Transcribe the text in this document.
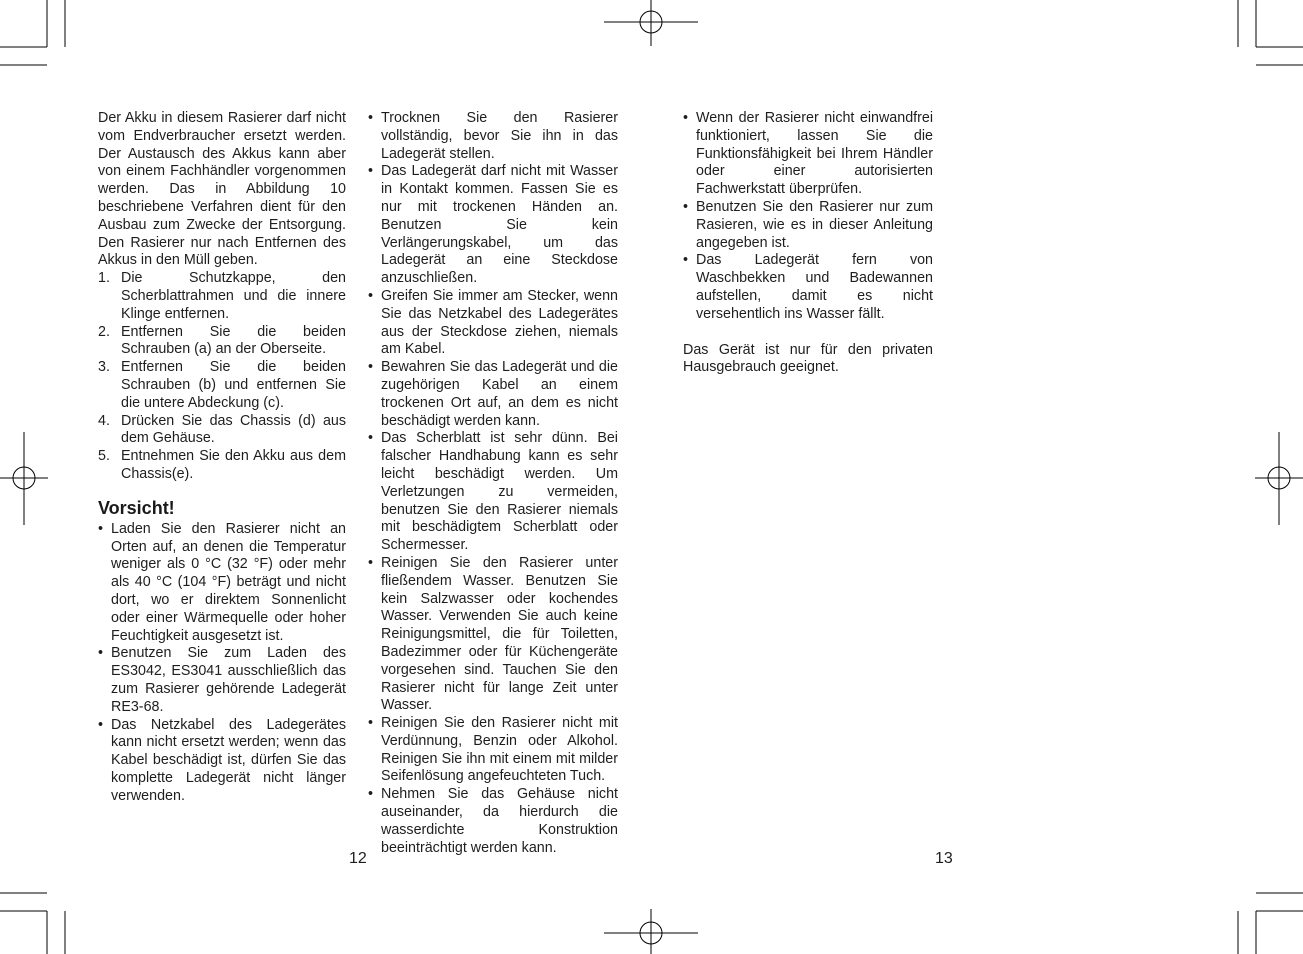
Der Akku in diesem Rasierer darf nicht vom Endverbraucher ersetzt werden. Der Austausch des Akkus kann aber von einem Fachhändler vorgenommen werden. Das in Abbildung 10 beschriebene Verfahren dient für den Ausbau zum Zwecke der Entsorgung. Den Rasierer nur nach Entfernen des Akkus in den Müll geben.

1. Die Schutzkappe, den Scherblattrahmen und die innere Klinge entfernen.
2. Entfernen Sie die beiden Schrauben (a) an der Oberseite.
3. Entfernen Sie die beiden Schrauben (b) und entfernen Sie die untere Abdeckung (c).
4. Drücken Sie das Chassis (d) aus dem Gehäuse.
5. Entnehmen Sie den Akku aus dem Chassis(e).
Vorsicht!
• Laden Sie den Rasierer nicht an Orten auf, an denen die Temperatur weniger als 0 °C (32 °F) oder mehr als 40 °C (104 °F) beträgt und nicht dort, wo er direktem Sonnenlicht oder einer Wärmequelle oder hoher Feuchtigkeit ausgesetzt ist.
• Benutzen Sie zum Laden des ES3042, ES3041 ausschließlich das zum Rasierer gehörende Ladegerät RE3-68.
• Das Netzkabel des Ladegerätes kann nicht ersetzt werden; wenn das Kabel beschädigt ist, dürfen Sie das komplette Ladegerät nicht länger verwenden.
• Trocknen Sie den Rasierer vollständig, bevor Sie ihn in das Ladegerät stellen.
• Das Ladegerät darf nicht mit Wasser in Kontakt kommen. Fassen Sie es nur mit trockenen Händen an. Benutzen Sie kein Verlängerungskabel, um das Ladegerät an eine Steckdose anzuschließen.
• Greifen Sie immer am Stecker, wenn Sie das Netzkabel des Ladegerätes aus der Steckdose ziehen, niemals am Kabel.
• Bewahren Sie das Ladegerät und die zugehörigen Kabel an einem trockenen Ort auf, an dem es nicht beschädigt werden kann.
• Das Scherblatt ist sehr dünn. Bei falscher Handhabung kann es sehr leicht beschädigt werden. Um Verletzungen zu vermeiden, benutzen Sie den Rasierer niemals mit beschädigtem Scherblatt oder Schermesser.
• Reinigen Sie den Rasierer unter fließendem Wasser. Benutzen Sie kein Salzwasser oder kochendes Wasser. Verwenden Sie auch keine Reinigungsmittel, die für Toiletten, Badezimmer oder für Küchengeräte vorgesehen sind. Tauchen Sie den Rasierer nicht für lange Zeit unter Wasser.
• Reinigen Sie den Rasierer nicht mit Verdünnung, Benzin oder Alkohol. Reinigen Sie ihn mit einem mit milder Seifenlösung angefeuchteten Tuch.
• Nehmen Sie das Gehäuse nicht auseinander, da hierdurch die wasserdichte Konstruktion beeinträchtigt werden kann.
• Wenn der Rasierer nicht einwandfrei funktioniert, lassen Sie die Funktionsfähigkeit bei Ihrem Händler oder einer autorisierten Fachwerkstatt überprüfen.
• Benutzen Sie den Rasierer nur zum Rasieren, wie es in dieser Anleitung angegeben ist.
• Das Ladegerät fern von Waschbekken und Badewannen aufstellen, damit es nicht versehentlich ins Wasser fällt.

Das Gerät ist nur für den privaten Hausgebrauch geeignet.

12	13
